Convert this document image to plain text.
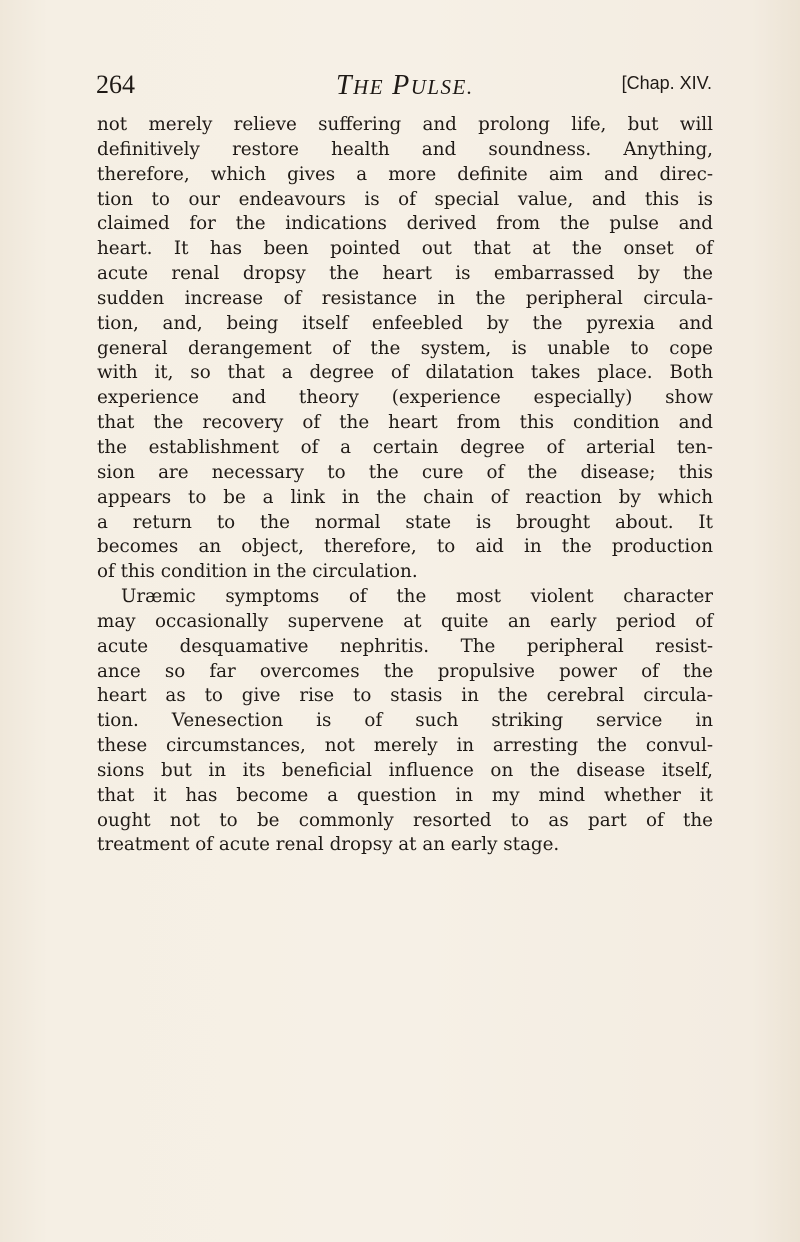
264	THE PULSE.	[Chap. XIV.
not merely relieve suffering and prolong life, but will
definitively restore health and soundness. Anything,
therefore, which gives a more definite aim and direc-
tion to our endeavours is of special value, and this is
claimed for the indications derived from the pulse and
heart. It has been pointed out that at the onset of
acute renal dropsy the heart is embarrassed by the
sudden increase of resistance in the peripheral circula-
tion, and, being itself enfeebled by the pyrexia and
general derangement of the system, is unable to cope
with it, so that a degree of dilatation takes place. Both
experience and theory (experience especially) show
that the recovery of the heart from this condition and
the establishment of a certain degree of arterial ten-
sion are necessary to the cure of the disease; this
appears to be a link in the chain of reaction by which
a return to the normal state is brought about. It
becomes an object, therefore, to aid in the production
of this condition in the circulation.
Uræmic symptoms of the most violent character
may occasionally supervene at quite an early period of
acute desquamative nephritis. The peripheral resist-
ance so far overcomes the propulsive power of the
heart as to give rise to stasis in the cerebral circula-
tion. Venesection is of such striking service in
these circumstances, not merely in arresting the convul-
sions but in its beneficial influence on the disease itself,
that it has become a question in my mind whether it
ought not to be commonly resorted to as part of the
treatment of acute renal dropsy at an early stage.
